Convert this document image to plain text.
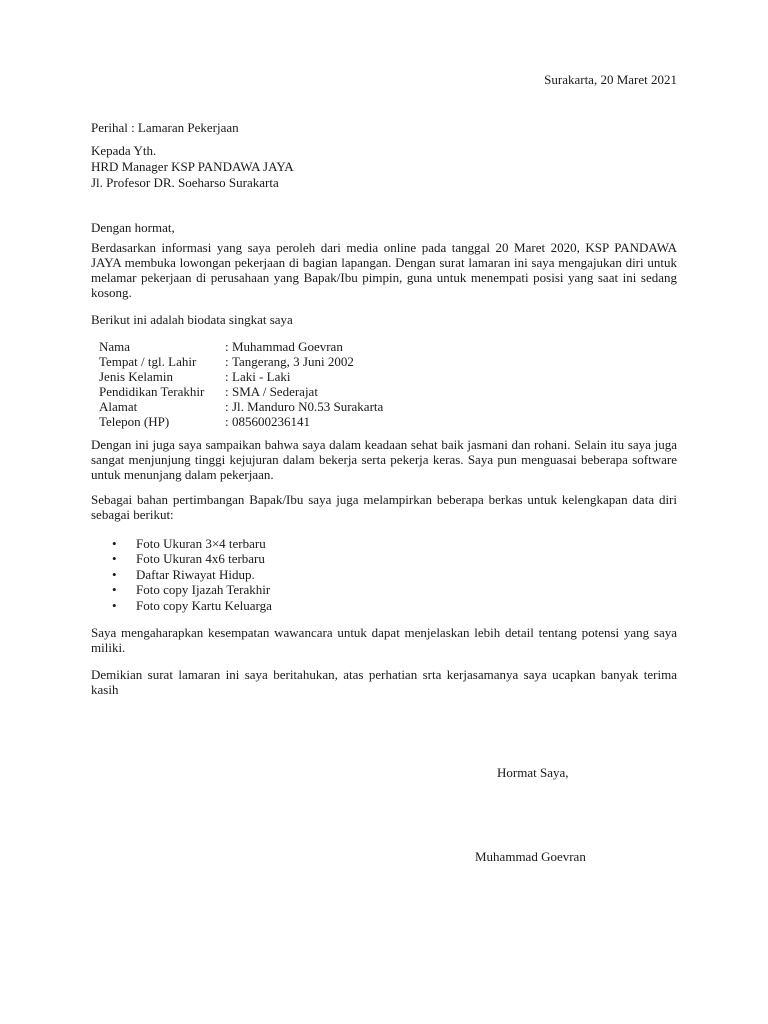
Surakarta, 20 Maret 2021
Perihal : Lamaran Pekerjaan
Kepada Yth.
HRD Manager KSP PANDAWA JAYA
Jl. Profesor DR. Soeharso Surakarta
Dengan hormat,
Berdasarkan informasi yang saya peroleh dari media online pada tanggal 20 Maret 2020, KSP PANDAWA JAYA membuka lowongan pekerjaan di bagian lapangan. Dengan surat lamaran ini saya mengajukan diri untuk melamar pekerjaan di perusahaan yang Bapak/Ibu pimpin, guna untuk menempati posisi yang saat ini sedang kosong.
Berikut ini adalah biodata singkat saya
Nama	:	Muhammad Goevran
Tempat / tgl. Lahir	:	Tangerang, 3 Juni 2002
Jenis Kelamin	:	Laki - Laki
Pendidikan Terakhir	:	SMA / Sederajat
Alamat	:	Jl. Manduro N0.53 Surakarta
Telepon (HP)	:	085600236141
Dengan ini juga saya sampaikan bahwa saya dalam keadaan sehat baik jasmani dan rohani. Selain itu saya juga sangat menjunjung tinggi kejujuran dalam bekerja serta pekerja keras. Saya pun menguasai beberapa software untuk menunjang dalam pekerjaan.
Sebagai bahan pertimbangan Bapak/Ibu saya juga melampirkan beberapa berkas untuk kelengkapan data diri sebagai berikut:
• Foto Ukuran 3×4 terbaru
• Foto Ukuran 4x6 terbaru
• Daftar Riwayat Hidup.
• Foto copy Ijazah Terakhir
• Foto copy Kartu Keluarga
Saya mengaharapkan kesempatan wawancara untuk dapat menjelaskan lebih detail tentang potensi yang saya miliki.
Demikian surat lamaran ini saya beritahukan, atas perhatian srta kerjasamanya saya ucapkan banyak terima kasih
Hormat Saya,
Muhammad Goevran
